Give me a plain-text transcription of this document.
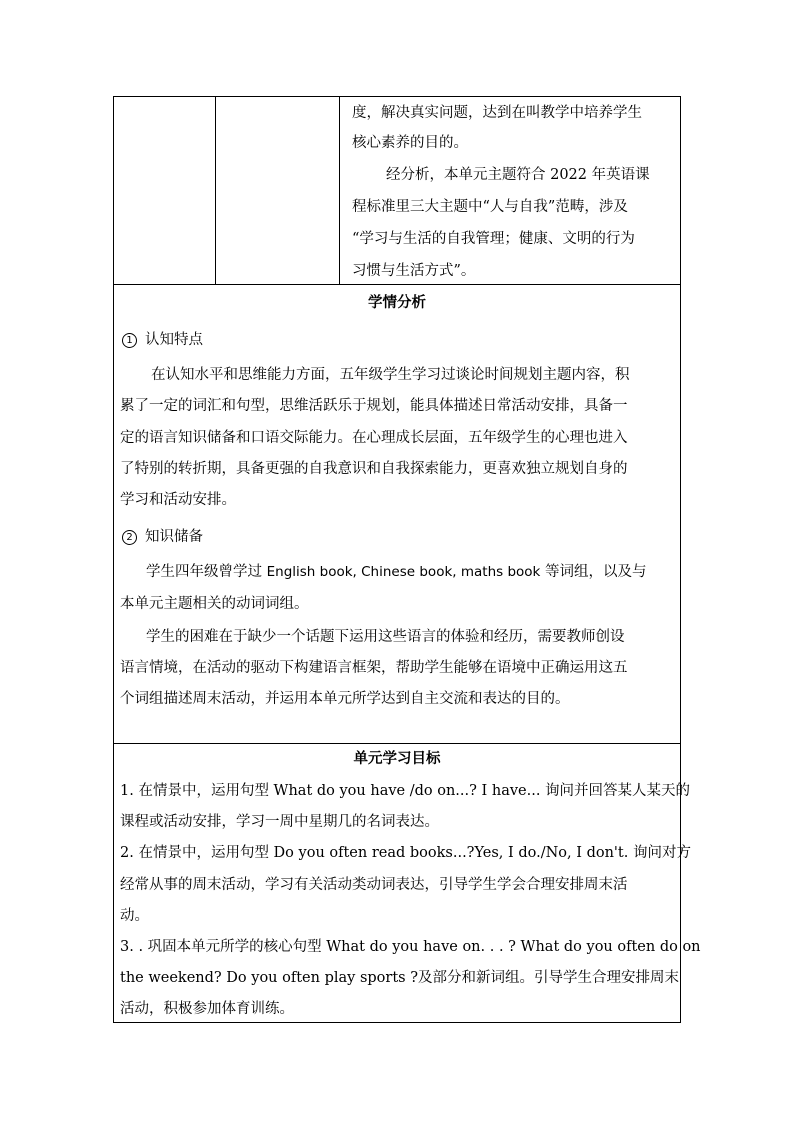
度，解决真实问题，达到在叫教学中培养学生
核心素养的目的。
经分析，本单元主题符合 2022 年英语课
程标准里三大主题中“人与自我”范畴，涉及
“学习与生活的自我管理；健康、文明的行为
习惯与生活方式”。
学情分析
1 认知特点
在认知水平和思维能力方面，五年级学生学习过谈论时间规划主题内容，积
累了一定的词汇和句型，思维活跃乐于规划，能具体描述日常活动安排，具备一
定的语言知识储备和口语交际能力。在心理成长层面，五年级学生的心理也进入
了特别的转折期，具备更强的自我意识和自我探索能力，更喜欢独立规划自身的
学习和活动安排。
2 知识储备
学生四年级曾学过 English book, Chinese book, maths book 等词组，以及与
本单元主题相关的动词词组。
学生的困难在于缺少一个话题下运用这些语言的体验和经历，需要教师创设
语言情境，在活动的驱动下构建语言框架，帮助学生能够在语境中正确运用这五
个词组描述周末活动，并运用本单元所学达到自主交流和表达的目的。
单元学习目标
1. 在情景中，运用句型 What do you have /do on...? I have... 询问并回答某人某天的
课程或活动安排，学习一周中星期几的名词表达。
2. 在情景中，运用句型 Do you often read books...?Yes, I do./No, I don't. 询问对方
经常从事的周末活动，学习有关活动类动词表达，引导学生学会合理安排周末活
动。
3. . 巩固本单元所学的核心句型 What do you have on. . . ? What do you often do on
the weekend? Do you often play sports ?及部分和新词组。引导学生合理安排周末
活动，积极参加体育训练。
